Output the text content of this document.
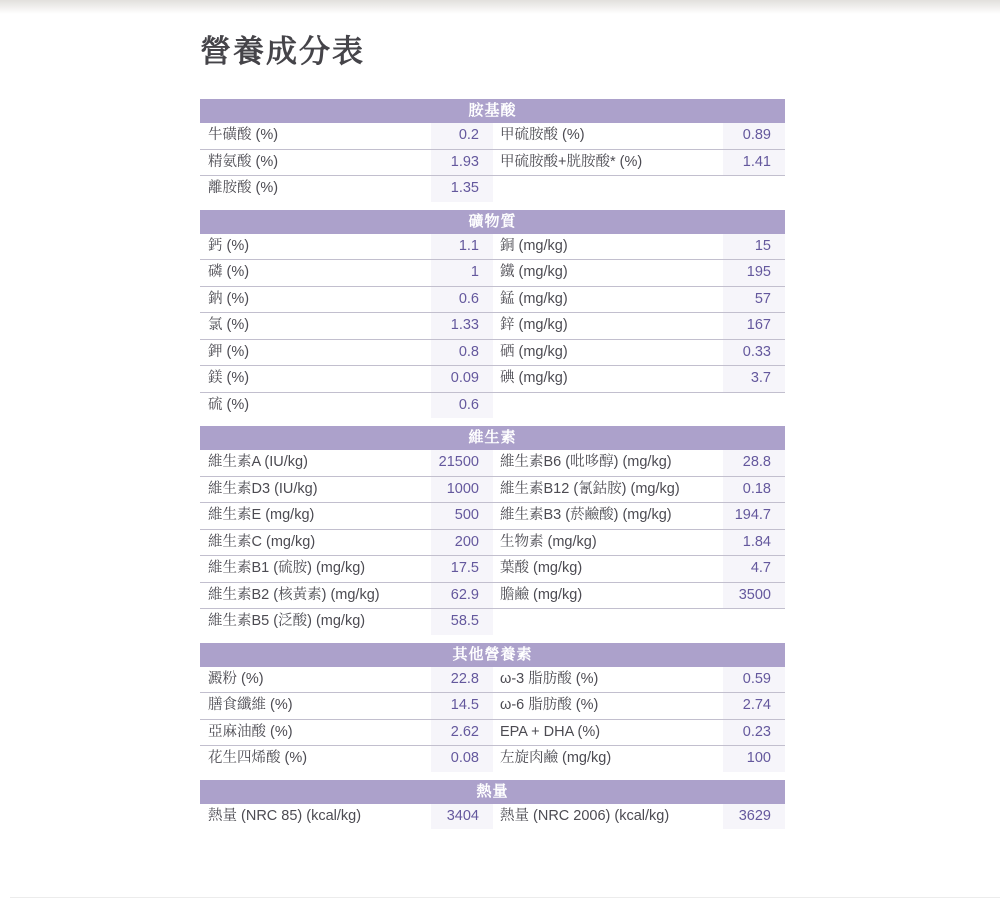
營養成分表
胺基酸
牛磺酸 (%)	0.2	甲硫胺酸 (%)	0.89
精氨酸 (%)	1.93	甲硫胺酸+胱胺酸* (%)	1.41
離胺酸 (%)	1.35
礦物質
鈣 (%)	1.1	銅 (mg/kg)	15
磷 (%)	1	鐵 (mg/kg)	195
鈉 (%)	0.6	錳 (mg/kg)	57
氯 (%)	1.33	鋅 (mg/kg)	167
鉀 (%)	0.8	硒 (mg/kg)	0.33
鎂 (%)	0.09	碘 (mg/kg)	3.7
硫 (%)	0.6
維生素
維生素A (IU/kg)	21500	維生素B6 (吡哆醇) (mg/kg)	28.8
維生素D3 (IU/kg)	1000	維生素B12 (氰鈷胺) (mg/kg)	0.18
維生素E (mg/kg)	500	維生素B3 (菸鹼酸) (mg/kg)	194.7
維生素C (mg/kg)	200	生物素 (mg/kg)	1.84
維生素B1 (硫胺) (mg/kg)	17.5	葉酸 (mg/kg)	4.7
維生素B2 (核黃素) (mg/kg)	62.9	膽鹼 (mg/kg)	3500
維生素B5 (泛酸) (mg/kg)	58.5
其他營養素
澱粉 (%)	22.8	ω-3 脂肪酸 (%)	0.59
膳食纖維 (%)	14.5	ω-6 脂肪酸 (%)	2.74
亞麻油酸 (%)	2.62	EPA + DHA (%)	0.23
花生四烯酸 (%)	0.08	左旋肉鹼 (mg/kg)	100
熱量
熱量 (NRC 85) (kcal/kg)	3404	熱量 (NRC 2006) (kcal/kg)	3629
